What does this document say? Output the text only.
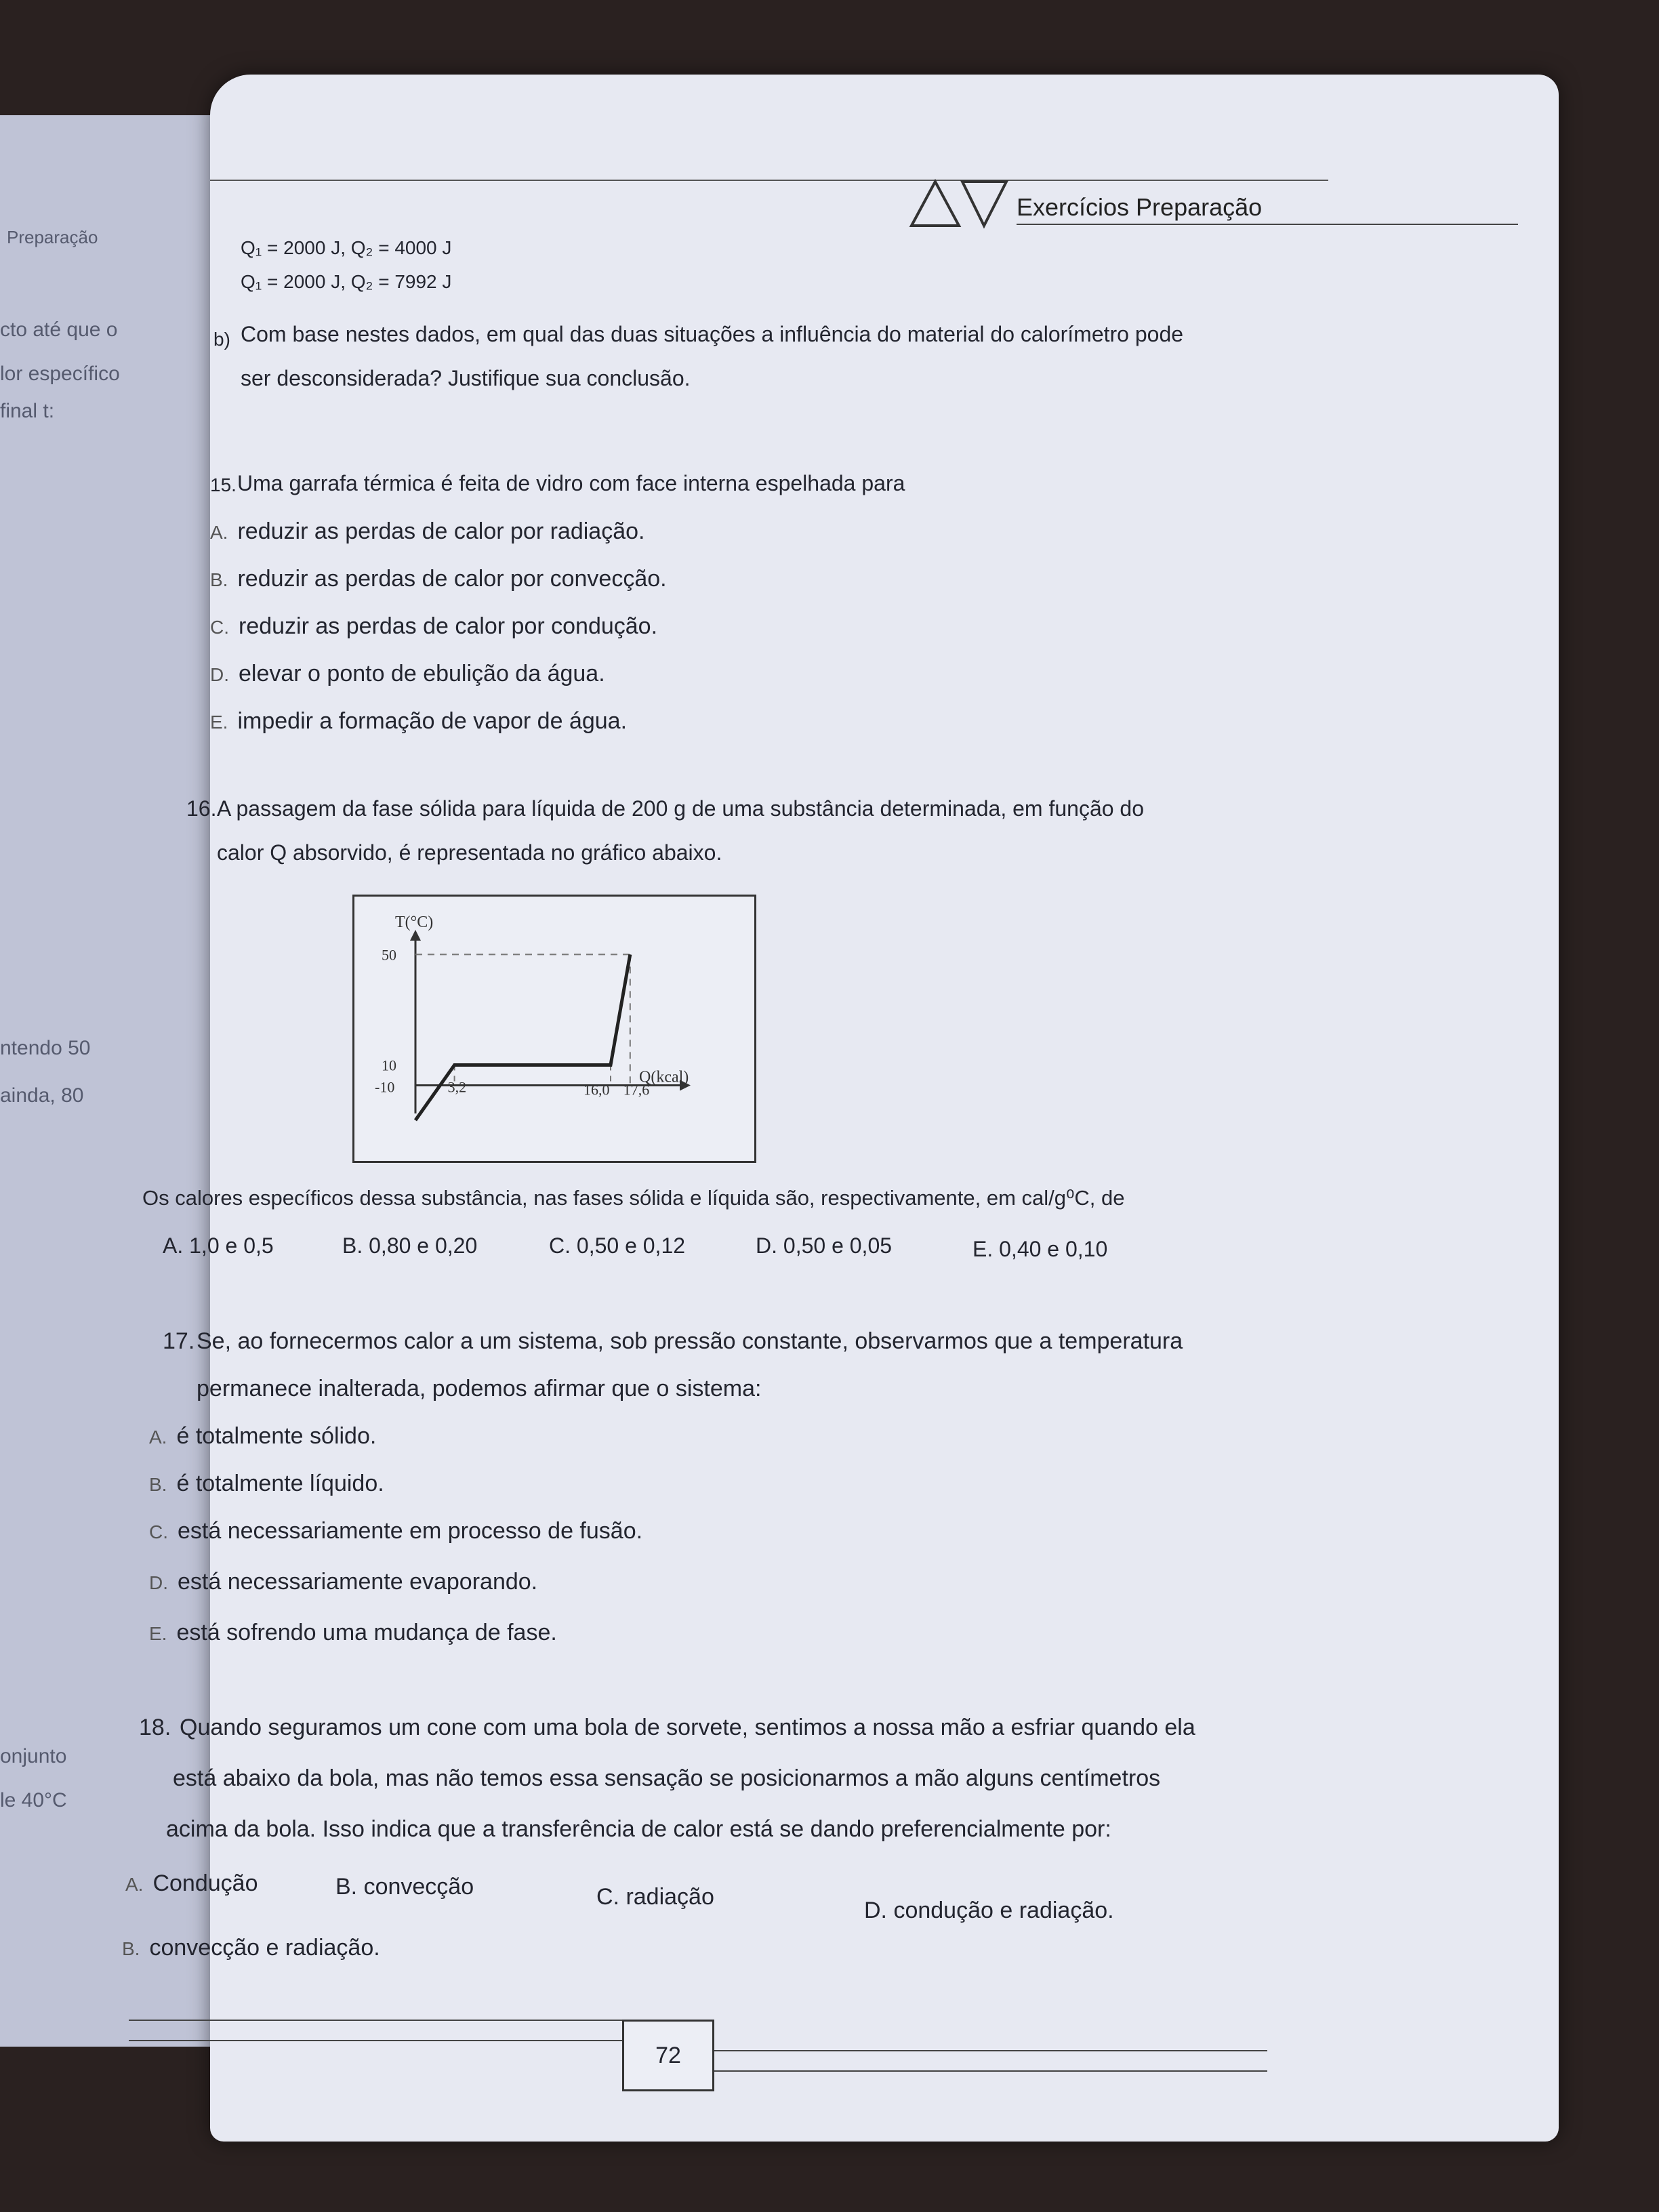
Preparação
cto até que o
lor específico
final t:
ntendo 50
ainda, 80
onjunto
le 40°C
Exercícios Preparação
Q₁ = 2000 J, Q₂ = 4000 J
Q₁ = 2000 J, Q₂ = 7992 J
b) Com base nestes dados, em qual das duas situações a influência do material do calorímetro pode
ser desconsiderada? Justifique sua conclusão.
15. Uma garrafa térmica é feita de vidro com face interna espelhada para
A. reduzir as perdas de calor por radiação.
B. reduzir as perdas de calor por convecção.
C. reduzir as perdas de calor por condução.
D. elevar o ponto de ebulição da água.
E. impedir a formação de vapor de água.
16. A passagem da fase sólida para líquida de 200 g de uma substância determinada, em função do
calor Q absorvido, é representada no gráfico abaixo.
50
10
-10	3,2	16,0 17,6
Q(kcal)
T(°C)
Os calores específicos dessa substância, nas fases sólida e líquida são, respectivamente, em cal/g⁰C, de
A. 1,0 e 0,5	B. 0,80 e 0,20	C. 0,50 e 0,12	D. 0,50 e 0,05	E. 0,40 e 0,10
17. Se, ao fornecermos calor a um sistema, sob pressão constante, observarmos que a temperatura
permanece inalterada, podemos afirmar que o sistema:
A. é totalmente sólido.
B. é totalmente líquido.
C. está necessariamente em processo de fusão.
D. está necessariamente evaporando.
E. está sofrendo uma mudança de fase.
18. Quando seguramos um cone com uma bola de sorvete, sentimos a nossa mão a esfriar quando ela
está abaixo da bola, mas não temos essa sensação se posicionarmos a mão alguns centímetros
acima da bola. Isso indica que a transferência de calor está se dando preferencialmente por:
A. Condução	B. convecção	C. radiação
D. condução e radiação.
B. convecção e radiação.
72
